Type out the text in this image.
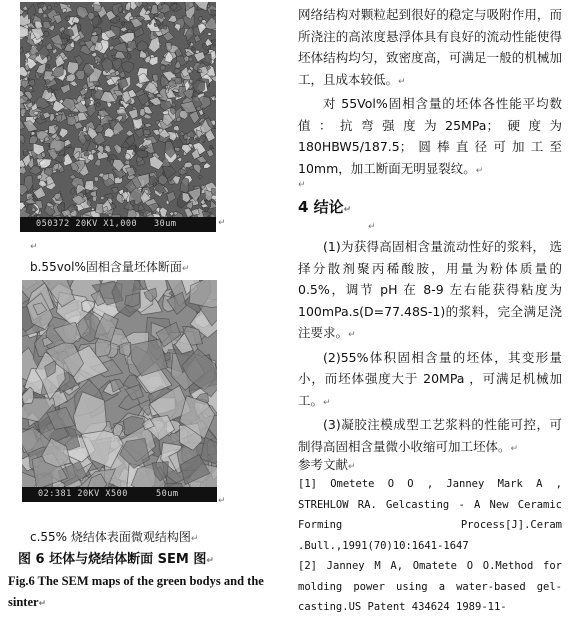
050372 20KV X1,000   30um	↵
↵
b.55vol%固相含量坯体断面↵
02:381 20KV X500     50um
↵
c.55% 烧结体表面微观结构图↵
图 6 坯体与烧结体断面 SEM 图↵
Fig.6 The SEM maps of the green bodys and the sinter↵

网络结构对颗粒起到很好的稳定与吸附作用，而所浇注的高浓度悬浮体具有良好的流动性能使得坯体结构均匀，致密度高，可满足一般的机械加工，且成本较低。↵

对 55Vol%固相含量的坯体各性能平均数值：抗弯强度为25MPa；硬度为180HBW5/187.5；圆棒直径可加工至 10mm，加工断面无明显裂纹。↵

↵
4 结论↵
↵

(1)为获得高固相含量流动性好的浆料， 选择分散剂聚丙稀酸胺，用量为粉体质量的 0.5%，调节 pH 在 8-9 左右能获得粘度为 100mPa.s(D=77.48S-1)的浆料，完全满足浇注要求。↵

(2)55%体积固相含量的坯体，其变形量小，而坯体强度大于 20MPa ，可满足机械加工。↵

(3)凝胶注模成型工艺浆料的性能可控，可制得高固相含量微小收缩可加工坯体。↵

参考文献↵

[1] Ometete O O , Janney Mark A , STREHLOW RA. Gelcasting - A New Ceramic Forming Process[J].Ceram .Bull.,1991(70)10:1641-1647

[2] Janney M A, Omatete O O.Method for molding power using a water-based gel-casting.US Patent 434624 1989-11-
